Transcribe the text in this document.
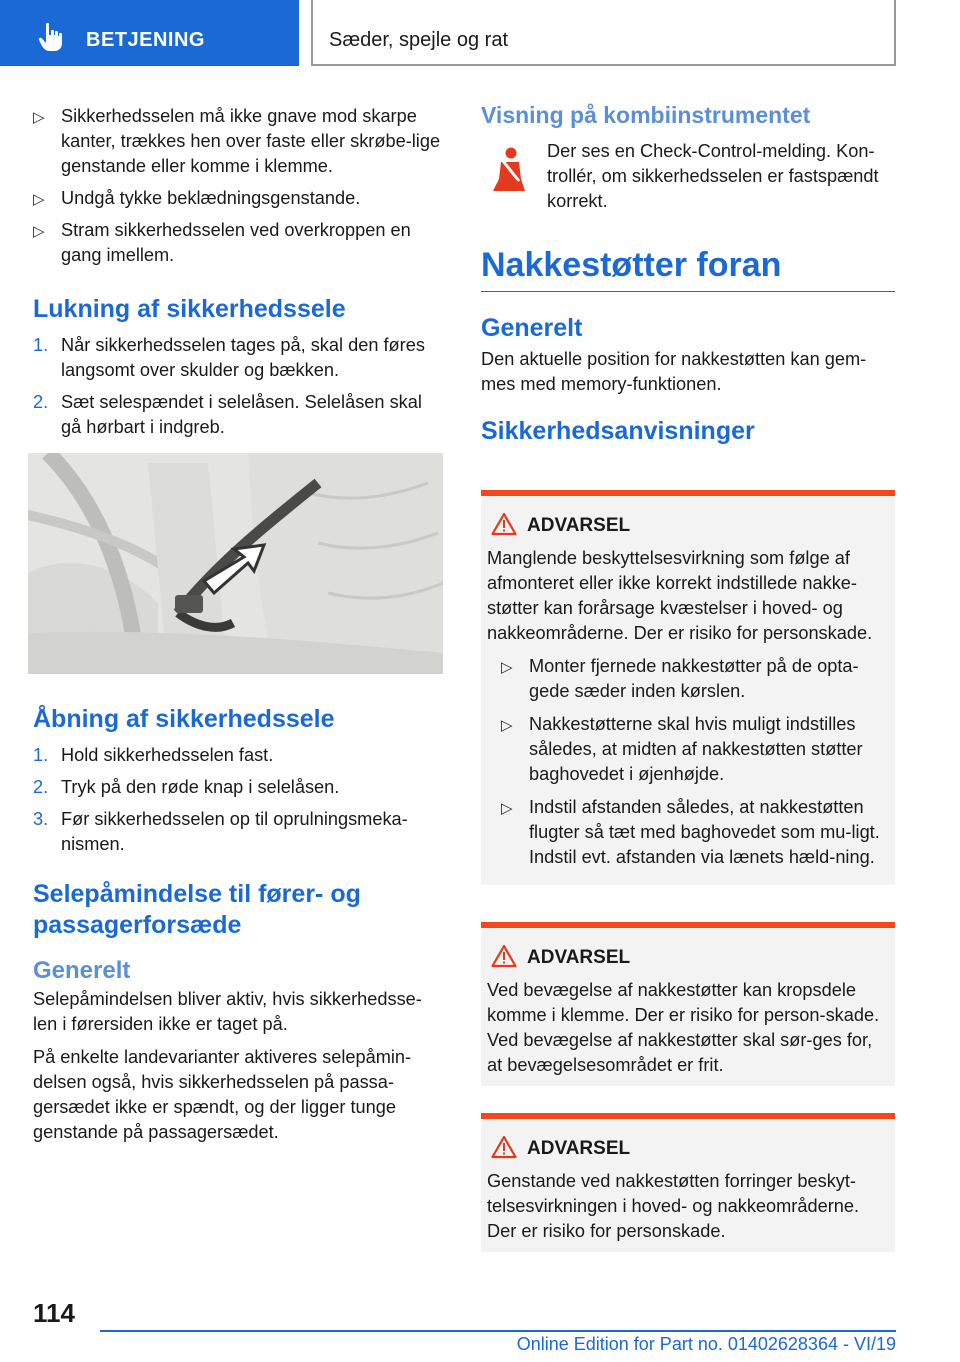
BETJENING	Sæder, spejle og rat
▷ Sikkerhedsselen må ikke gnave mod skarpe kanter, trækkes hen over faste eller skrøbe-lige genstande eller komme i klemme.
▷ Undgå tykke beklædningsgenstande.
▷ Stram sikkerhedsselen ved overkroppen en gang imellem.
Lukning af sikkerhedssele
1. Når sikkerhedsselen tages på, skal den føres langsomt over skulder og bækken.
2. Sæt selespændet i selelåsen. Selelåsen skal gå hørbart i indgreb.
Åbning af sikkerhedssele
1. Hold sikkerhedsselen fast.
2. Tryk på den røde knap i selelåsen.
3. Før sikkerhedsselen op til oprulningsmeka-nismen.
Selepåmindelse til fører- og
passagerforsæde
Generelt

Selepåmindelsen bliver aktiv, hvis sikkerhedsse-len i førersiden ikke er taget på.

På enkelte landevarianter aktiveres selepåmin-delsen også, hvis sikkerhedsselen på passa-gersædet ikke er spændt, og der ligger tunge genstande på passagersædet.

Visning på kombiinstrumentet

Der ses en Check-Control-melding. Kon-trollér, om sikkerhedsselen er fastspændt korrekt.

Nakkestøtter foran
Generelt

Den aktuelle position for nakkestøtten kan gem-mes med memory-funktionen.

Sikkerhedsanvisninger
ADVARSEL

Manglende beskyttelsesvirkning som følge af afmonteret eller ikke korrekt indstillede nakke-støtter kan forårsage kvæstelser i hoved- og nakkeområderne. Der er risiko for personskade.

▷ Monter fjernede nakkestøtter på de opta-gede sæder inden kørslen.
▷ Nakkestøtterne skal hvis muligt indstilles således, at midten af nakkestøtten støtter baghovedet i øjenhøjde.
▷ Indstil afstanden således, at nakkestøtten flugter så tæt med baghovedet som mu-ligt. Indstil evt. afstanden via lænets hæld-ning.
ADVARSEL

Ved bevægelse af nakkestøtter kan kropsdele komme i klemme. Der er risiko for person-skade. Ved bevægelse af nakkestøtter skal sør-ges for, at bevægelsesområdet er frit.

ADVARSEL

Genstande ved nakkestøtten forringer beskyt-telsesvirkningen i hoved- og nakkeområderne. Der er risiko for personskade.

114
Online Edition for Part no. 01402628364 - VI/19
